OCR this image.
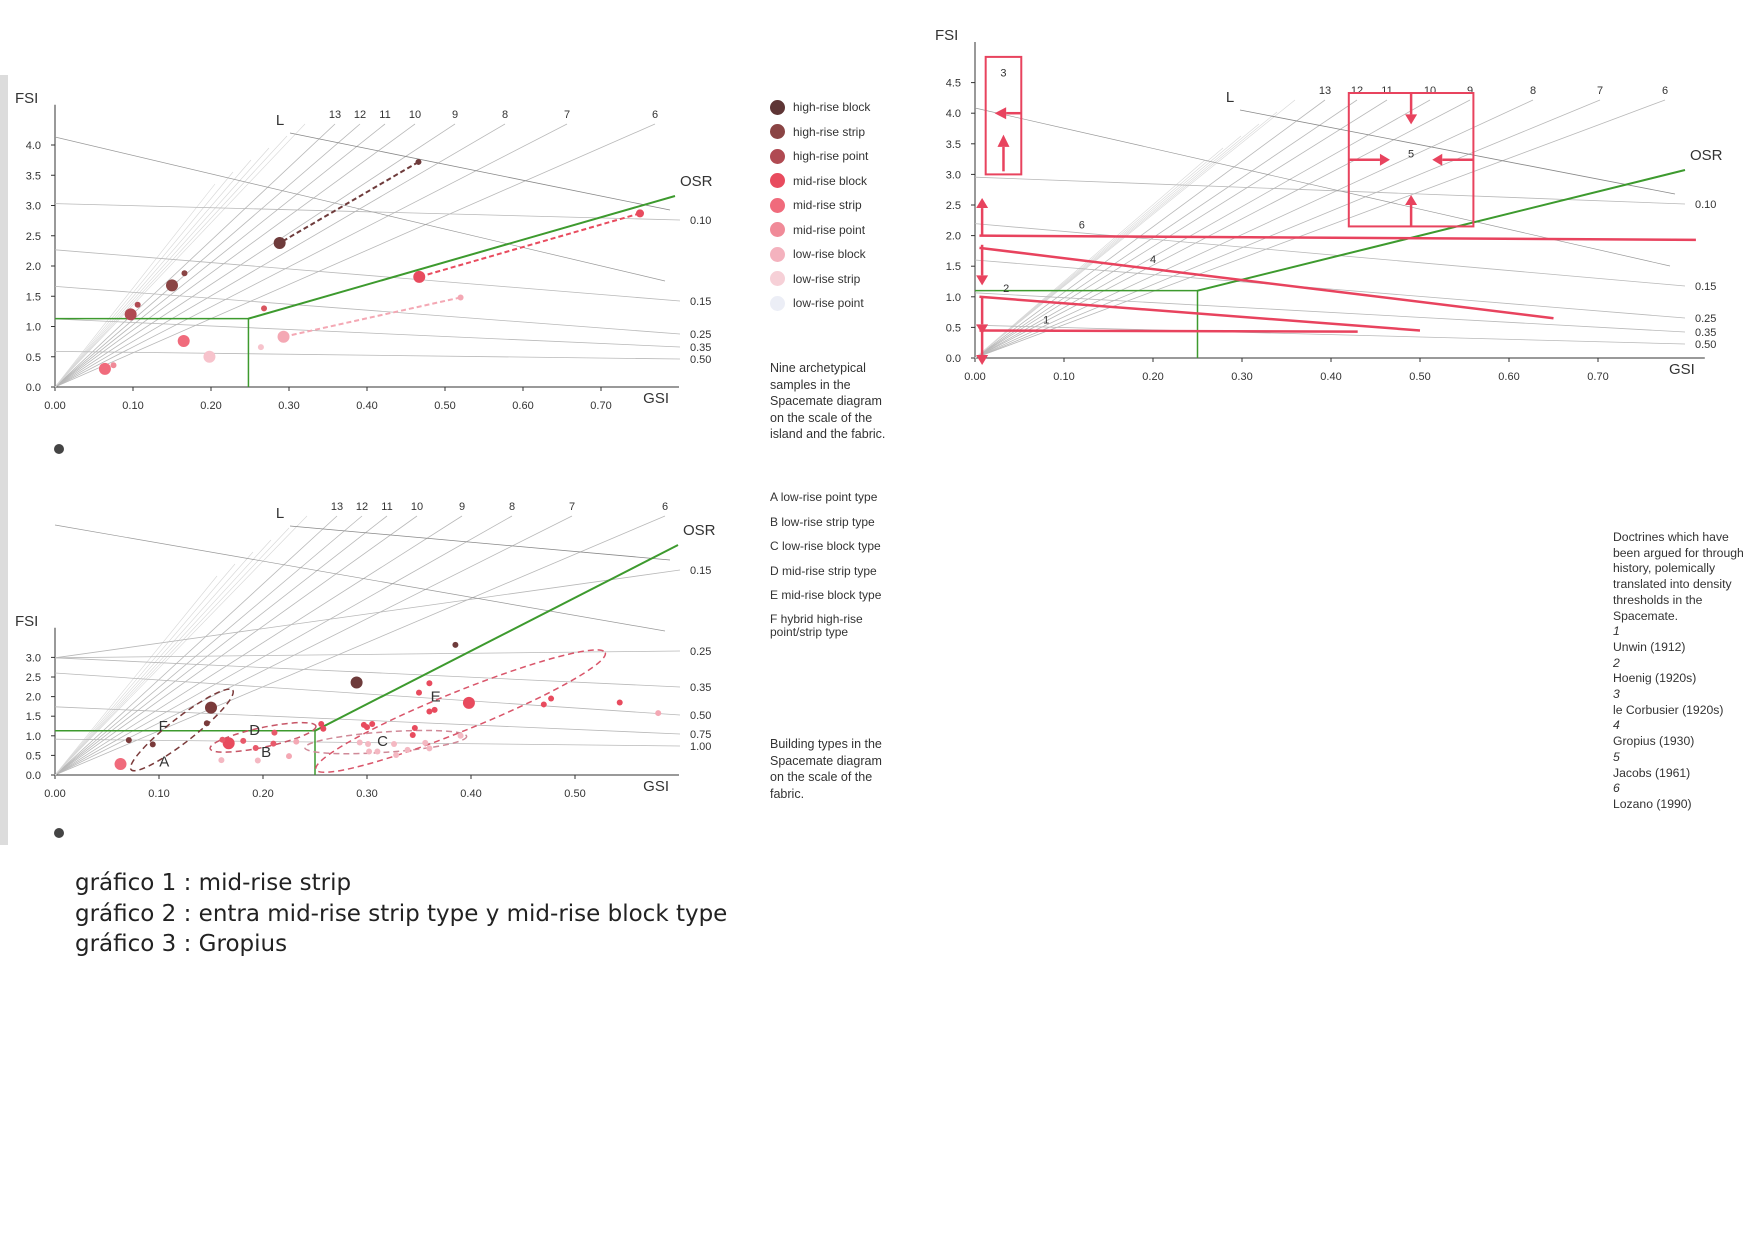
0.0
0.5
1.0
1.5
2.0
2.5
3.0
3.5
4.0
0.00	0.10	0.20	0.30	0.40	0.50	0.60	0.70 GSI
FSI
13 12 11 10	9	8	7	6
L
0.10
0.15
0.25
0.35
0.50
OSR
high-rise block
high-rise strip
high-rise point
mid-rise block
mid-rise strip
mid-rise point
low-rise block
low-rise strip
low-rise point
Nine archetypical samples in the Spacemate diagram on the scale of the island and the fabric.
0.0
0.5
1.0
1.5
2.0
2.5
3.0
0.00	0.10	0.20	0.30	0.40	0.50	GSI
FSI
13 12 11 10	9	8	7	6
L
0.15
0.25
0.35
0.50
0.75
1.00
OSR
A
B
C
D
E
F
A low-rise point type
B low-rise strip type
C low-rise block type
D mid-rise strip type
E mid-rise block type
F hybrid high-rise point/strip type
Building types in the Spacemate diagram on the scale of the fabric.
0.0
0.5
1.0
1.5
2.0
2.5
3.0
3.5
4.0
4.5
0.00	0.10	0.20	0.30	0.40	0.50	0.60	0.70	GSI
FSI
13 12 11	10	9	8	7	6
L
0.10
0.15
0.25
0.35
0.50
OSR
1
2
4
6
3
5
Doctrines which have been argued for through history, polemically translated into density thresholds in the Spacemate.
1
Unwin (1912)
2
Hoenig (1920s)
3
le Corbusier (1920s)
4
Gropius (1930)
5
Jacobs (1961)
6
Lozano (1990)
gráfico 1 : mid-rise strip
gráfico 2 : entra mid-rise strip type y mid-rise block type
gráfico 3 : Gropius
